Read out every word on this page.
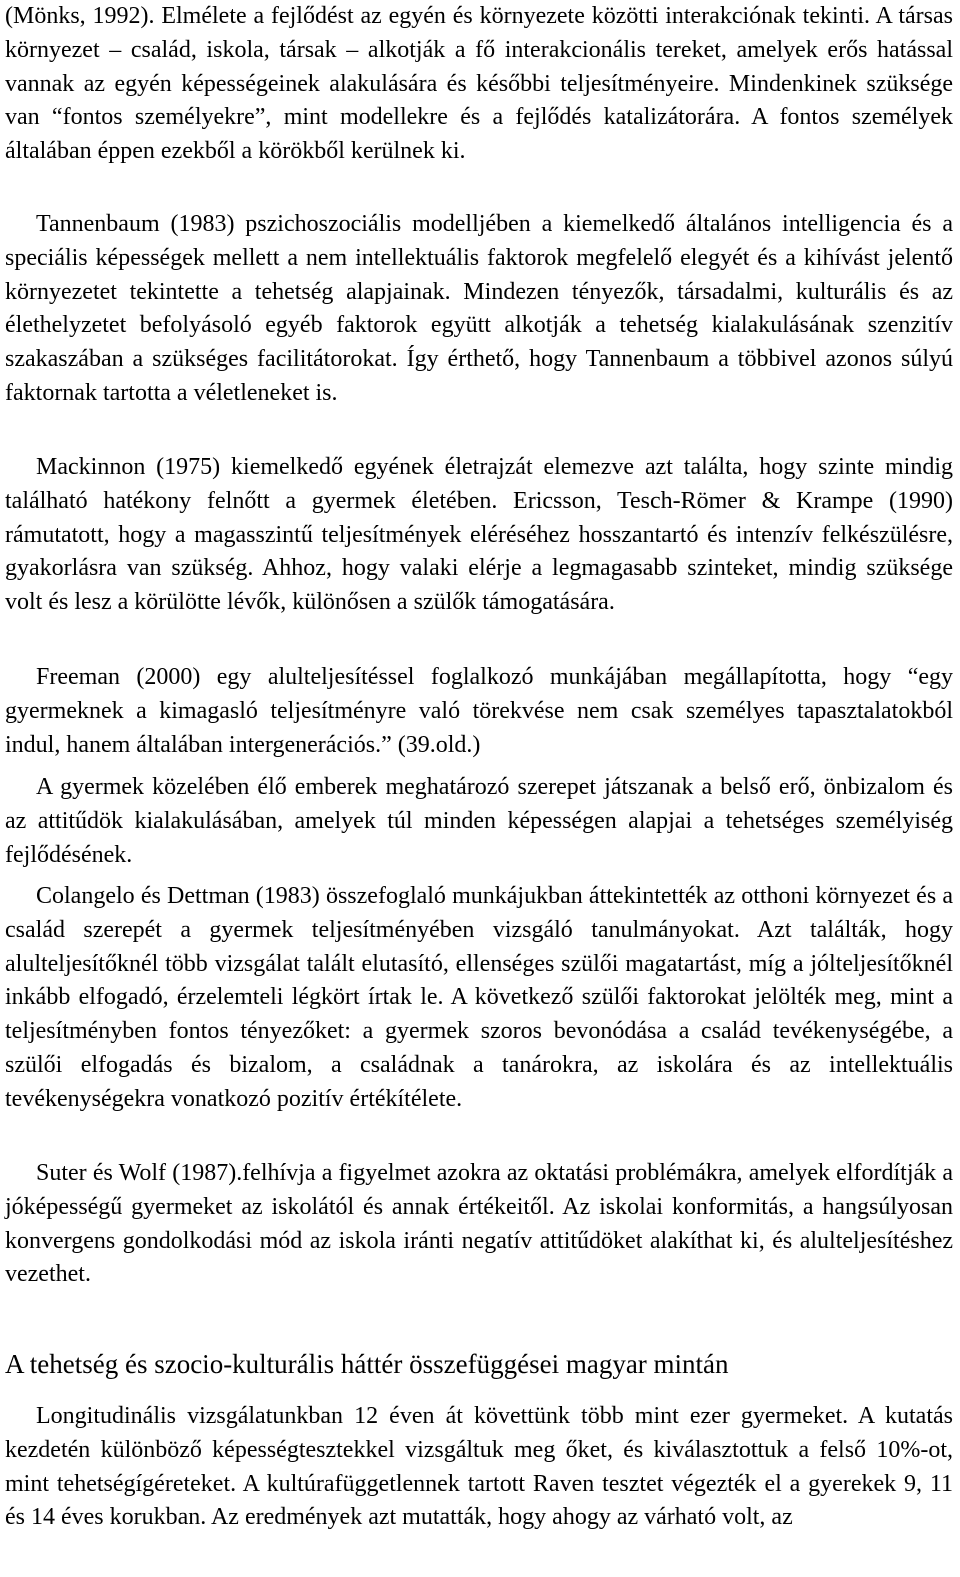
(Mönks, 1992). Elmélete a fejlődést az egyén és környezete közötti interakciónak tekinti. A társas környezet – család, iskola, társak – alkotják a fő interakcionális tereket, amelyek erős hatással vannak az egyén képességeinek alakulására és későbbi teljesítményeire. Mindenkinek szüksége van “fontos személyekre”, mint modellekre és a fejlődés katalizátorára. A fontos személyek általában éppen ezekből a körökből kerülnek ki.

Tannenbaum (1983) pszichoszociális modelljében a kiemelkedő általános intelligencia és a speciális képességek mellett a nem intellektuális faktorok megfelelő elegyét és a kihívást jelentő környezetet tekintette a tehetség alapjainak. Mindezen tényezők, társadalmi, kulturális és az élethelyzetet befolyásoló egyéb faktorok együtt alkotják a tehetség kialakulásának szenzitív szakaszában a szükséges facilitátorokat. Így érthető, hogy Tannenbaum a többivel azonos súlyú faktornak tartotta a véletleneket is.

Mackinnon (1975) kiemelkedő egyének életrajzát elemezve azt találta, hogy szinte mindig található hatékony felnőtt a gyermek életében. Ericsson, Tesch-Römer & Krampe (1990) rámutatott, hogy a magasszintű teljesítmények eléréséhez hosszantartó és intenzív felkészülésre, gyakorlásra van szükség. Ahhoz, hogy valaki elérje a legmagasabb szinteket, mindig szüksége volt és lesz a körülötte lévők, különősen a szülők támogatására.

Freeman (2000) egy alulteljesítéssel foglalkozó munkájában megállapította, hogy “egy gyermeknek a kimagasló teljesítményre való törekvése nem csak személyes tapasztalatokból indul, hanem általában intergenerációs.” (39.old.)

A gyermek közelében élő emberek meghatározó szerepet játszanak a belső erő, önbizalom és az attitűdök kialakulásában, amelyek túl minden képességen alapjai a tehetséges személyiség fejlődésének.

Colangelo és Dettman (1983) összefoglaló munkájukban áttekintették az otthoni környezet és a család szerepét a gyermek teljesítményében vizsgáló tanulmányokat. Azt találták, hogy alulteljesítőknél több vizsgálat talált elutasító, ellenséges szülői magatartást, míg a jólteljesítőknél inkább elfogadó, érzelemteli légkört írtak le. A következő szülői faktorokat jelölték meg, mint a teljesítményben fontos tényezőket: a gyermek szoros bevonódása a család tevékenységébe, a szülői elfogadás és bizalom, a családnak a tanárokra, az iskolára és az intellektuális tevékenységekra vonatkozó pozitív értékítélete.

Suter és Wolf (1987).felhívja a figyelmet azokra az oktatási problémákra, amelyek elfordítják a jóképességű gyermeket az iskolától és annak értékeitől. Az iskolai konformitás, a hangsúlyosan konvergens gondolkodási mód az iskola iránti negatív attitűdöket alakíthat ki, és alulteljesítéshez vezethet.

A tehetség és szocio-kulturális háttér összefüggései magyar mintán

Longitudinális vizsgálatunkban 12 éven át követtünk több mint ezer gyermeket. A kutatás kezdetén különböző képességtesztekkel vizsgáltuk meg őket, és kiválasztottuk a felső 10%-ot, mint tehetségígéreteket. A kultúrafüggetlennek tartott Raven tesztet végezték el a gyerekek 9, 11 és 14 éves korukban. Az eredmények azt mutatták, hogy ahogy az várható volt, az
